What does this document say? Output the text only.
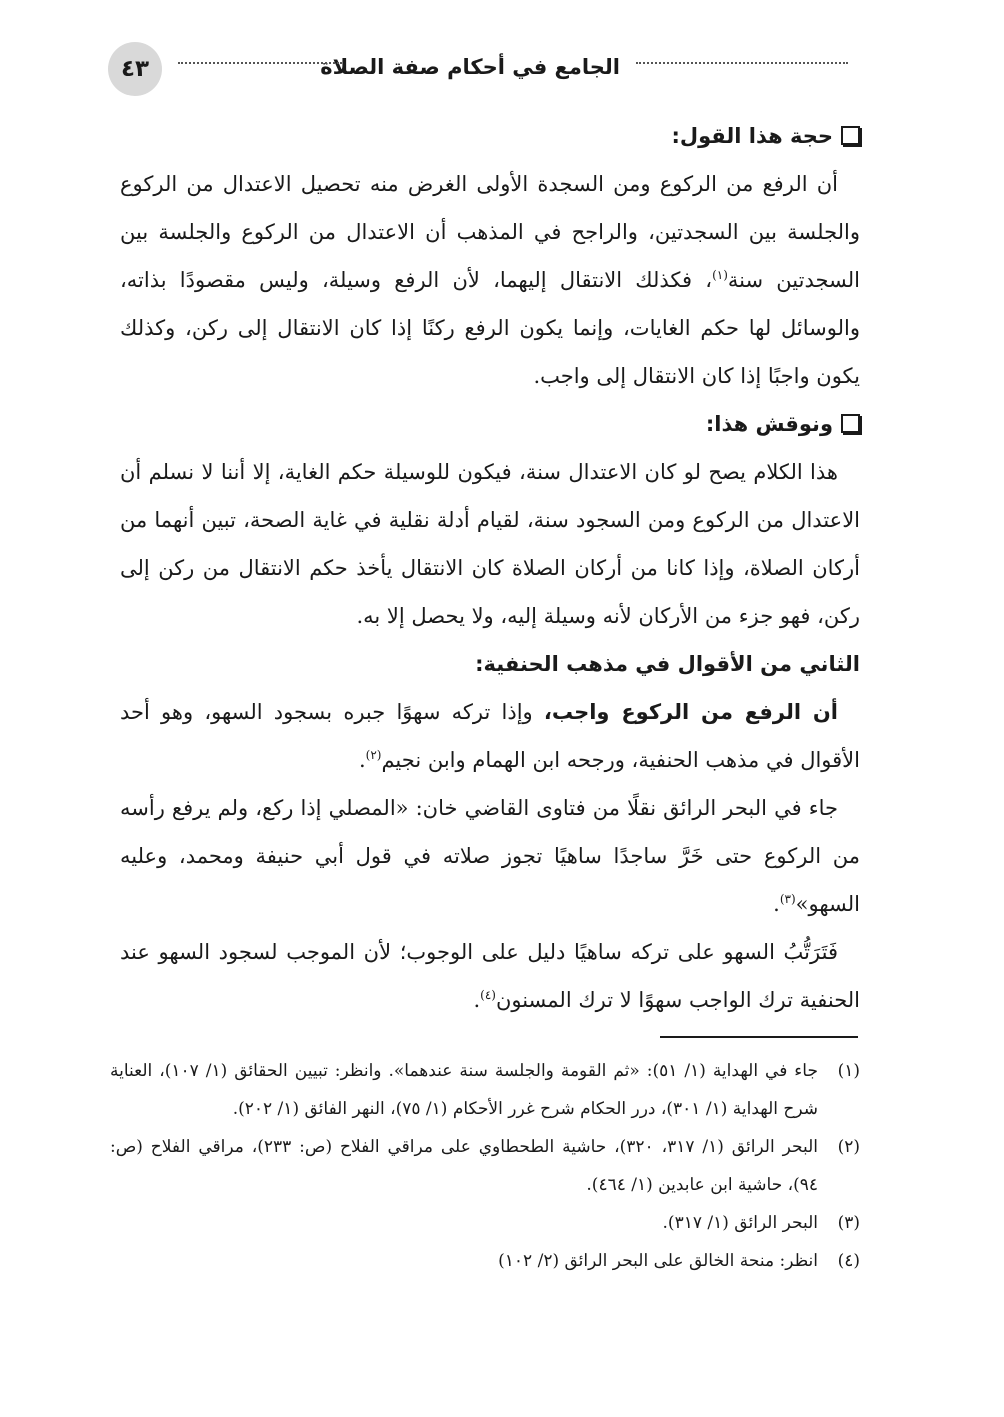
٤٣	الجامع في أحكام صفة الصلاة

حجة هذا القول:

أن الرفع من الركوع ومن السجدة الأولى الغرض منه تحصيل الاعتدال من الركوع والجلسة بين السجدتين، والراجح في المذهب أن الاعتدال من الركوع والجلسة بين السجدتين سنة$^{(١)}$، فكذلك الانتقال إليهما، لأن الرفع وسيلة، وليس مقصودًا بذاته، والوسائل لها حكم الغايات، وإنما يكون الرفع ركنًا إذا كان الانتقال إلى ركن، وكذلك يكون واجبًا إذا كان الانتقال إلى واجب.

ونوقش هذا:

هذا الكلام يصح لو كان الاعتدال سنة، فيكون للوسيلة حكم الغاية، إلا أننا لا نسلم أن الاعتدال من الركوع ومن السجود سنة، لقيام أدلة نقلية في غاية الصحة، تبين أنهما من أركان الصلاة، وإذا كانا من أركان الصلاة كان الانتقال يأخذ حكم الانتقال من ركن إلى ركن، فهو جزء من الأركان لأنه وسيلة إليه، ولا يحصل إلا به.

الثاني من الأقوال في مذهب الحنفية:

أن الرفع من الركوع واجب، وإذا تركه سهوًا جبره بسجود السهو، وهو أحد الأقوال في مذهب الحنفية، ورجحه ابن الهمام وابن نجيم$^{(٢)}$.

جاء في البحر الرائق نقلًا من فتاوى القاضي خان: «المصلي إذا ركع، ولم يرفع رأسه من الركوع حتى خَرَّ ساجدًا ساهيًا تجوز صلاته في قول أبي حنيفة ومحمد، وعليه السهو»$^{(٣)}$.

فَتَرَتُّبُ السهو على تركه ساهيًا دليل على الوجوب؛ لأن الموجب لسجود السهو عند الحنفية ترك الواجب سهوًا لا ترك المسنون$^{(٤)}$.

(١)
جاء في الهداية (١/ ٥١): «ثم القومة والجلسة سنة عندهما». وانظر: تبيين الحقائق (١/ ١٠٧)، العناية شرح الهداية (١/ ٣٠١)، درر الحكام شرح غرر الأحكام (١/ ٧٥)، النهر الفائق (١/ ٢٠٢).

(٢)
البحر الرائق (١/ ٣١٧، ٣٢٠)، حاشية الطحطاوي على مراقي الفلاح (ص: ٢٣٣)، مراقي الفلاح (ص: ٩٤)، حاشية ابن عابدين (١/ ٤٦٤).

(٣)
البحر الرائق (١/ ٣١٧).

(٤)
انظر: منحة الخالق على البحر الرائق (٢/ ١٠٢)
